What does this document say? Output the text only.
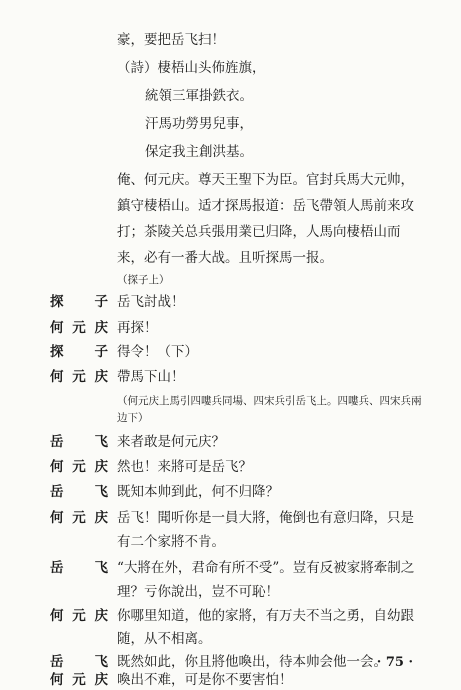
豪，要把岳飞扫！
（詩）棲梧山头佈旌旗，
統領三軍掛鉄衣。
汗馬功勞男兒事，
保定我主創洪基。
俺、何元庆。尊天王聖下为臣。官封兵馬大元帅，
鎮守棲梧山。适才探馬报道：岳飞帶領人馬前来攻
打；茶陵关总兵張用業已归降，人馬向棲梧山而
来，必有一番大战。且听探馬一报。
（探子上）
探子 岳飞討战！
何元庆 再探！
探子 得令！（下）
何元庆 帶馬下山！
（何元庆上馬引四嘍兵同場、四宋兵引岳飞上。四嘍兵、四宋兵兩
边下）
岳飞 来者敢是何元庆？
何元庆 然也！来將可是岳飞？
岳飞 既知本帅到此，何不归降？
何元庆 岳飞！聞听你是一員大將，俺倒也有意归降，只是
有二个家將不肯。
岳飞 “大將在外，君命有所不受”。豈有反被家將牽制之
理？亏你說出，豈不可恥！
何元庆 你哪里知道，他的家將，有万夫不当之勇，自幼跟
随，从不相离。
岳飞 既然如此，你且將他喚出，待本帅会他一会。
何元庆 喚出不难，可是你不要害怕！
· 75 ·
